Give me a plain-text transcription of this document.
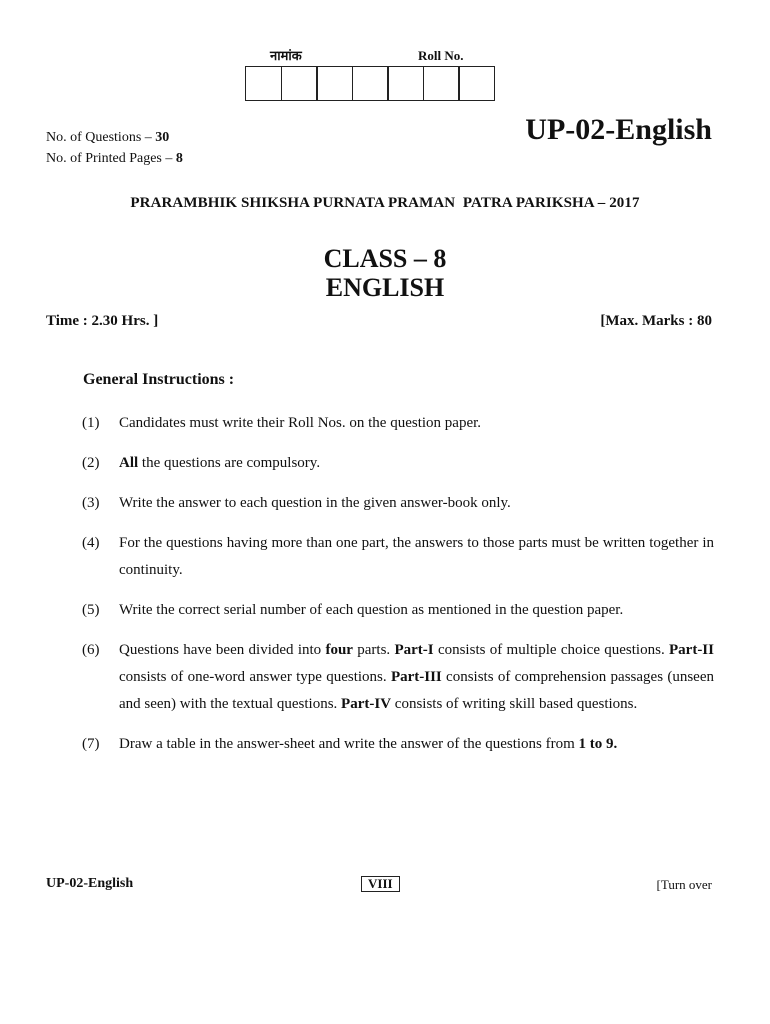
नामांक	Roll No.
No. of Questions – 30
No. of Printed Pages – 8
UP-02-English
PRARAMBHIK SHIKSHA PURNATA PRAMAN  PATRA PARIKSHA – 2017
CLASS – 8
ENGLISH
Time : 2.30 Hrs. ]	[Max. Marks : 80
General Instructions :
(1)	Candidates must write their Roll Nos. on the question paper.
(2)	All the questions are compulsory.
(3)	Write the answer to each question in the given answer-book only.
(4)	For the questions having more than one part, the answers to those parts must be written together in continuity.
(5)	Write the correct serial number of each question as mentioned in the question paper.
(6)	Questions have been divided into four parts. Part-I consists of multiple choice questions. Part-II consists of one-word answer type questions. Part-III consists of comprehension passages (unseen and seen) with the textual questions. Part-IV consists of writing skill based questions.
(7)	Draw a table in the answer-sheet and write the answer of the questions from 1 to 9.
UP-02-English	VIII	[Turn over
